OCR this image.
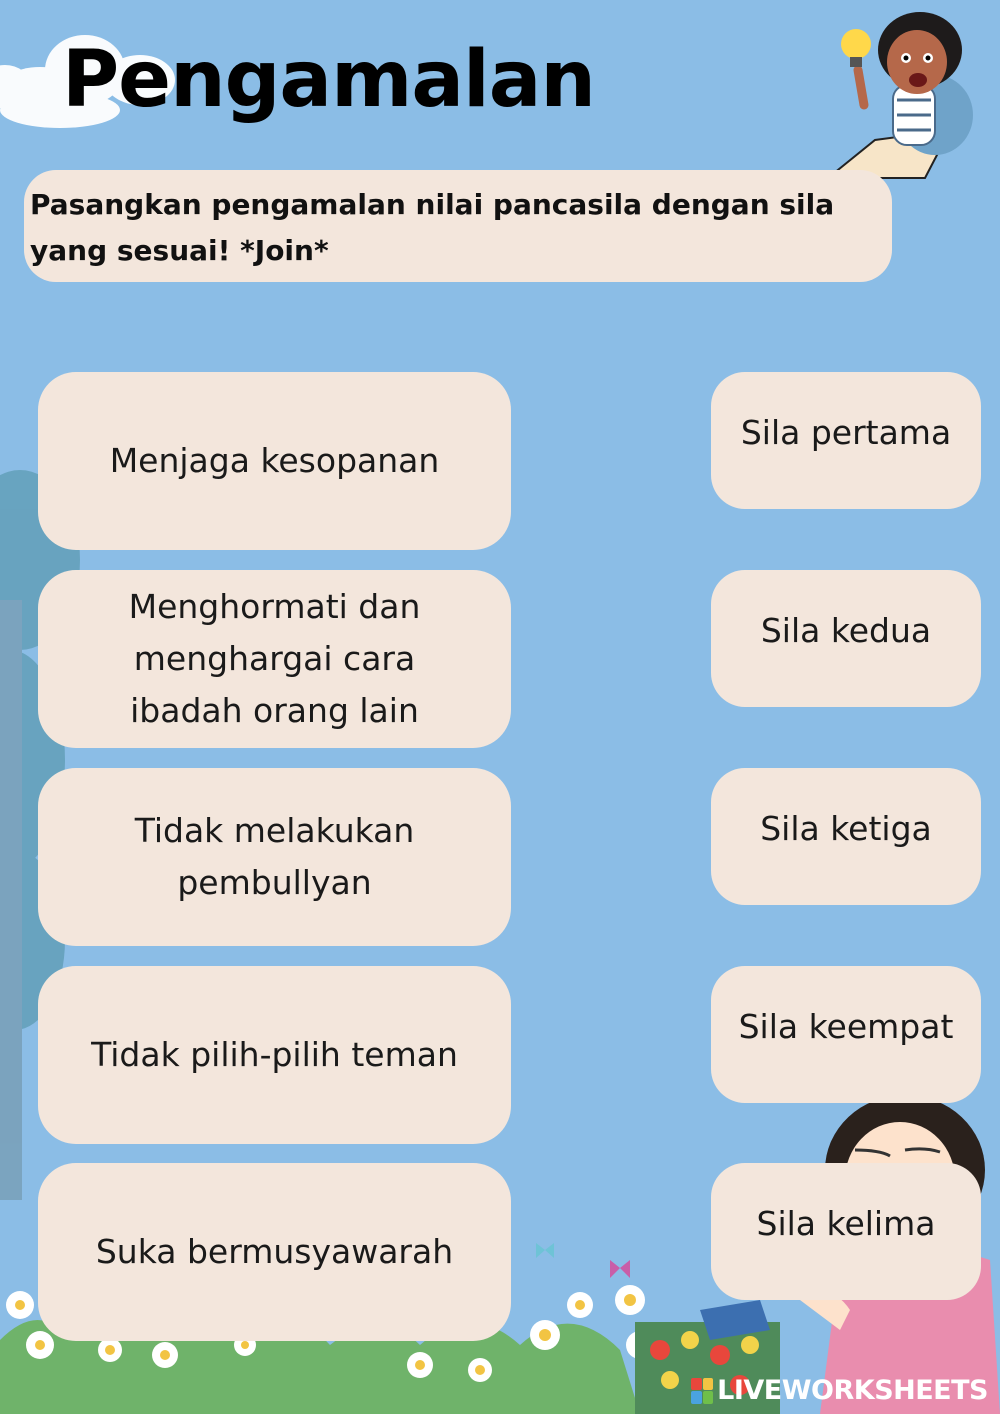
Pengamalan
Pasangkan pengamalan nilai pancasila dengan sila yang sesuai! *Join*
Menjaga kesopanan
Menghormati dan menghargai cara ibadah orang lain
Tidak melakukan pembullyan
Tidak pilih-pilih teman
Suka bermusyawarah
Sila pertama
Sila kedua
Sila ketiga
Sila keempat
Sila kelima
LIVEWORKSHEETS
